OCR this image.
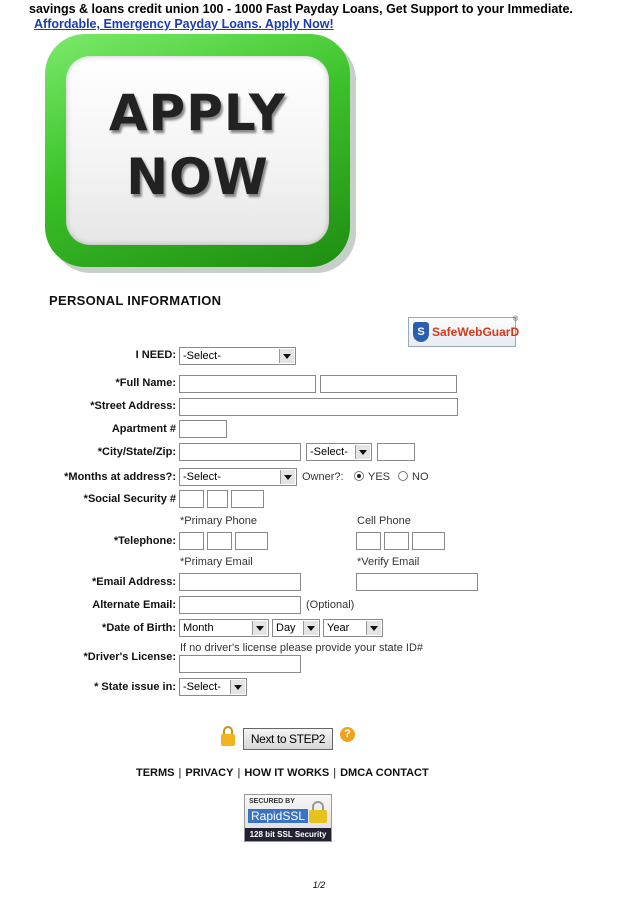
savings & loans credit union 100 - 1000 Fast Payday Loans, Get Support to your Immediate.
Affordable, Emergency Payday Loans. Apply Now!
APPLY
NOW
PERSONAL INFORMATION
S SafeWebGuarD
®
I NEED: -Select-
*Full Name:
*Street Address:
Apartment #
*City/State/Zip:	-Select-
*Months at address?: -Select-	Owner?: YES NO
*Social Security #
*Primary Phone	Cell Phone
*Telephone:
*Primary Email	*Verify Email
*Email Address:
Alternate Email:	(Optional)
*Date of Birth: Month	Day	Year
If no driver's license please provide your state ID#
*Driver's License:
* State issue in: -Select-
Next to STEP2	?
TERMS | PRIVACY | HOW IT WORKS | DMCA CONTACT
SECURED BY
RapidSSL
128 bit SSL Security
1/2
